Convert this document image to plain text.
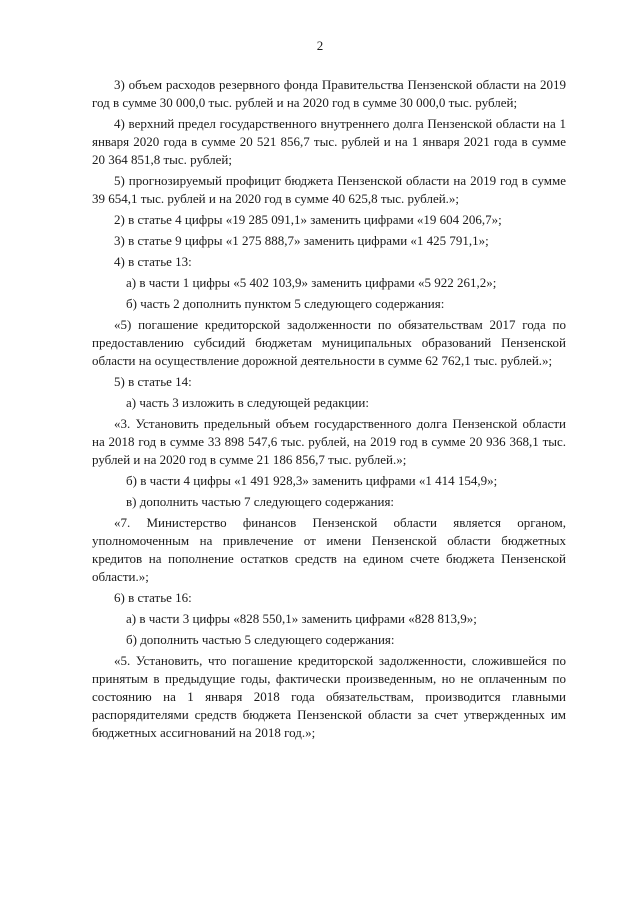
2

3) объем расходов резервного фонда Правительства Пензенской области на 2019 год в сумме 30 000,0 тыс. рублей и на 2020 год в сумме 30 000,0 тыс. рублей;

4) верхний предел государственного внутреннего долга Пензенской области на 1 января 2020 года в сумме 20 521 856,7 тыс. рублей и на 1 января 2021 года в сумме 20 364 851,8 тыс. рублей;

5) прогнозируемый профицит бюджета Пензенской области на 2019 год в сумме 39 654,1 тыс. рублей и на 2020 год в сумме 40 625,8 тыс. рублей.»;

2) в статье 4 цифры «19 285 091,1» заменить цифрами «19 604 206,7»;

3) в статье 9 цифры «1 275 888,7» заменить цифрами «1 425 791,1»;

4) в статье 13:

а) в части 1 цифры «5 402 103,9» заменить цифрами «5 922 261,2»;

б) часть 2 дополнить пунктом 5 следующего содержания:

«5) погашение кредиторской задолженности по обязательствам 2017 года по предоставлению субсидий бюджетам муниципальных образований Пензенской области на осуществление дорожной деятельности в сумме 62 762,1 тыс. рублей.»;

5) в статье 14:

а) часть 3 изложить в следующей редакции:

«3. Установить предельный объем государственного долга Пензенской области на 2018 год в сумме 33 898 547,6 тыс. рублей, на 2019 год в сумме 20 936 368,1 тыс. рублей и на 2020 год в сумме 21 186 856,7 тыс. рублей.»;

б) в части 4 цифры «1 491 928,3» заменить цифрами «1 414 154,9»;

в) дополнить частью 7 следующего содержания:

«7. Министерство финансов Пензенской области является органом, уполномоченным на привлечение от имени Пензенской области бюджетных кредитов на пополнение остатков средств на едином счете бюджета Пензенской области.»;

6) в статье 16:

а) в части 3 цифры «828 550,1» заменить цифрами «828 813,9»;

б) дополнить частью 5 следующего содержания:

«5. Установить, что погашение кредиторской задолженности, сложившейся по принятым в предыдущие годы, фактически произведенным, но не оплаченным по состоянию на 1 января 2018 года обязательствам, производится главными распорядителями средств бюджета Пензенской области за счет утвержденных им бюджетных ассигнований на 2018 год.»;
